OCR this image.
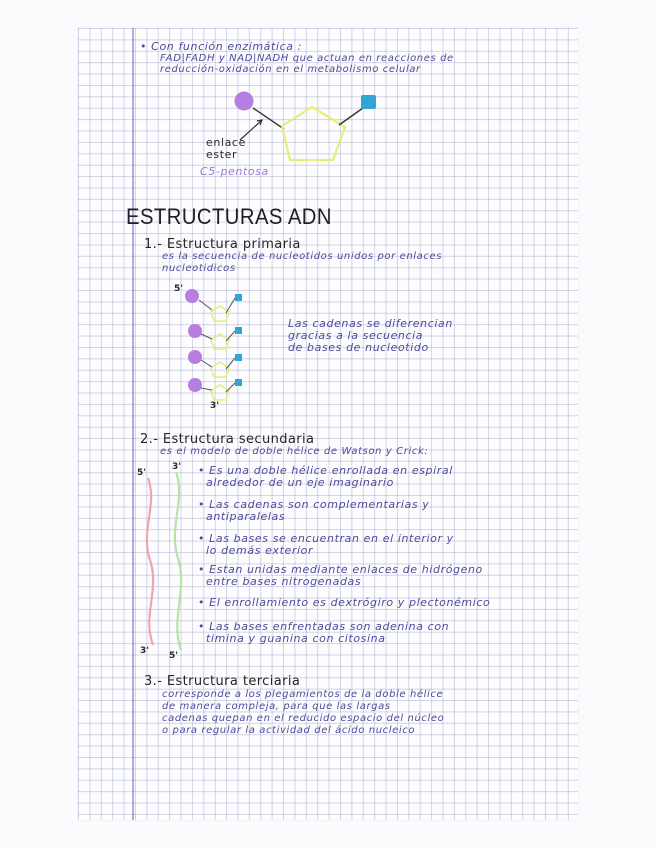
• Con función enzimática :
FAD|FADH y NAD|NADH que actuan en reacciones de
reducción-oxidación en el metabolismo celular
enlace
ester
C5-pentosa
ESTRUCTURAS ADN
1.- Estructura primaria
es la secuencia de nucleotidos unidos por enlaces
nucleotidicos
5'
3'
Las cadenas se diferencian
gracias a la secuencia
de bases de nucleotido
2.- Estructura secundaria
es el modelo de doble hélice de Watson y Crick:
5'
3'
3' 5'
• Es una doble hélice enrollada en espiral
alrededor de un eje imaginario
• Las cadenas son complementarias y
antiparalelas
• Las bases se encuentran en el interior y
lo demás exterior
• Estan unidas mediante enlaces de hidrógeno
entre bases nitrogenadas
• El enrollamiento es dextrógiro y plectonémico
• Las bases enfrentadas son adenina con
timina y guanina con citosina
3.- Estructura terciaria
corresponde a los plegamientos de la doble hélice
de manera compleja, para que las largas
cadenas quepan en el reducido espacio del núcleo
o para regular la actividad del ácido nucleico
